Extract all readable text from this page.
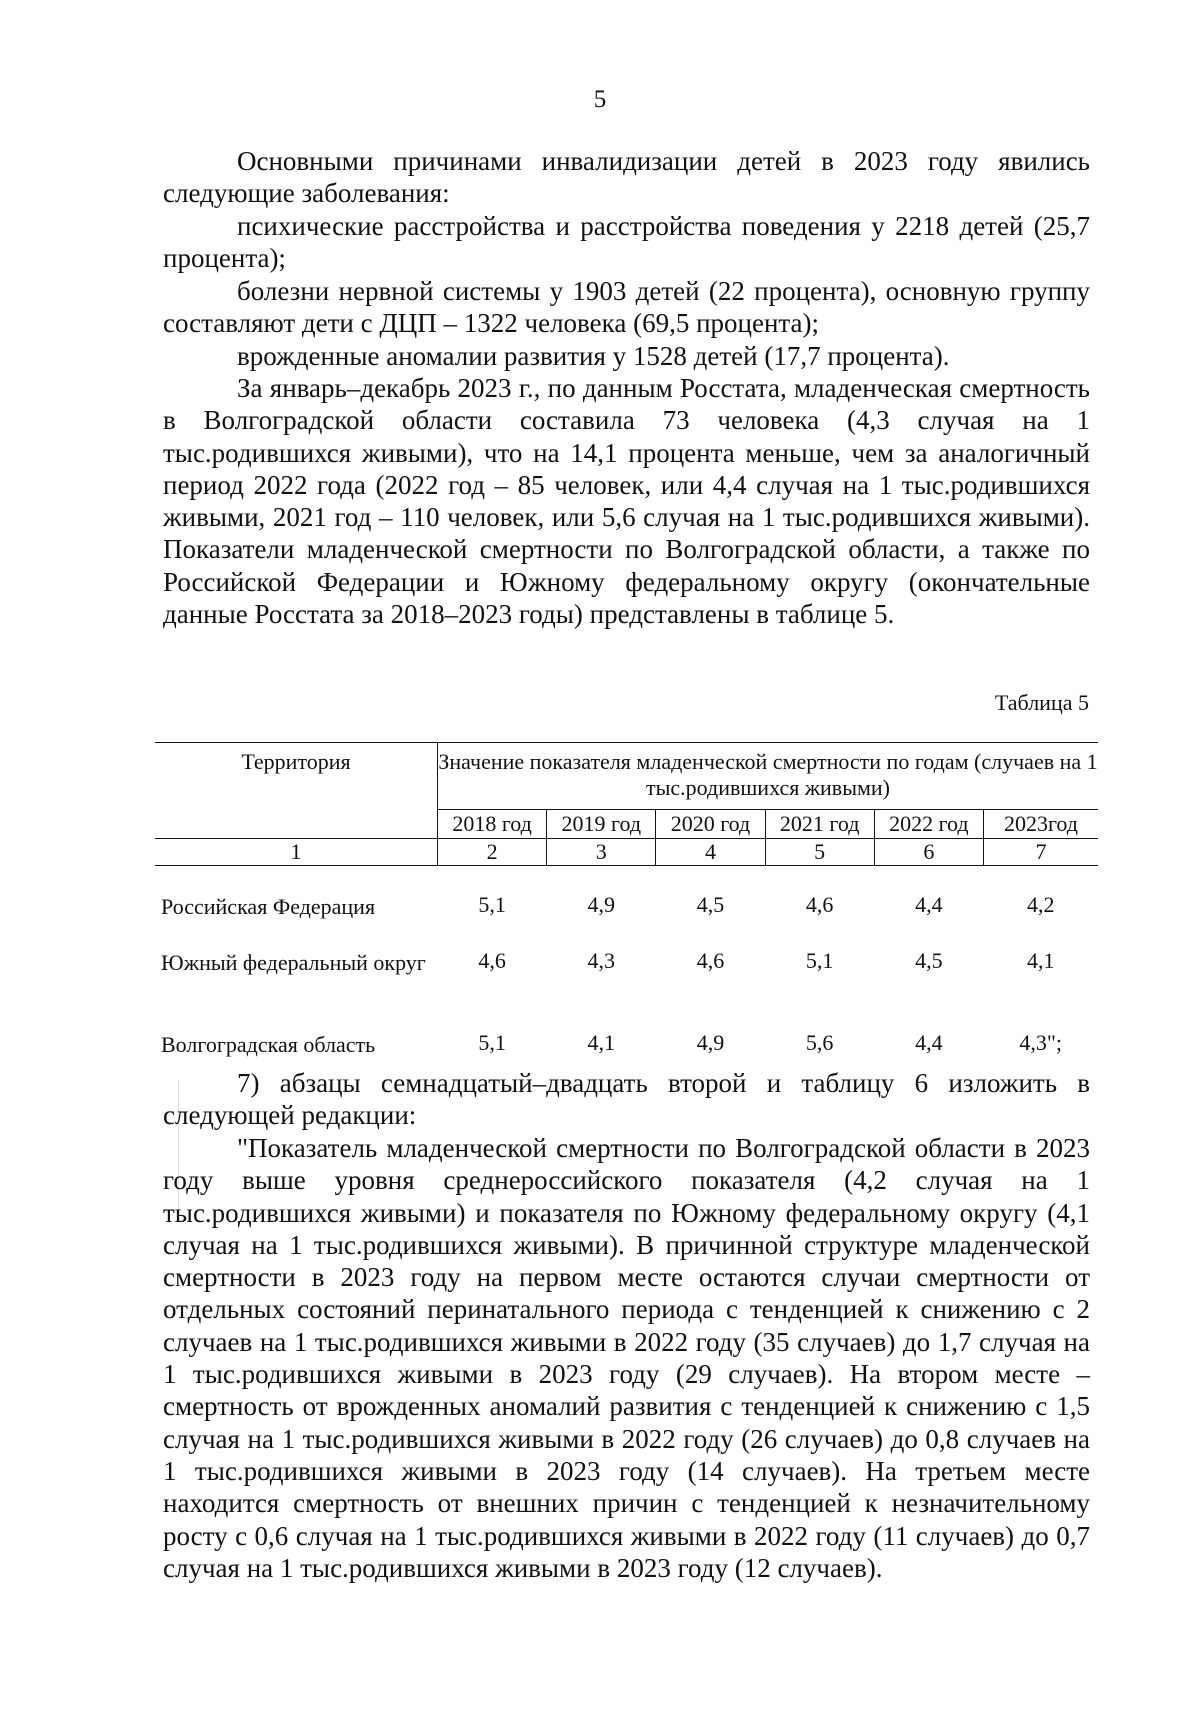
5

Основными причинами инвалидизации детей в 2023 году явились следующие заболевания:

психические расстройства и расстройства поведения у 2218 детей (25,7 процента);

болезни нервной системы у 1903 детей (22 процента), основную группу составляют дети с ДЦП – 1322 человека (69,5 процента);

врожденные аномалии развития у 1528 детей (17,7 процента).

За январь–декабрь 2023 г., по данным Росстата, младенческая смертность в Волгоградской области составила 73 человека (4,3 случая на 1 тыс.родившихся живыми), что на 14,1 процента меньше, чем за аналогичный период 2022 года (2022 год – 85 человек, или 4,4 случая на 1 тыс.родившихся живыми, 2021 год – 110 человек, или 5,6 случая на 1 тыс.родившихся живыми). Показатели младенческой смертности по Волгоградской области, а также по Российской Федерации и Южному федеральному округу (окончательные данные Росстата за 2018–2023 годы) представлены в таблице 5.

Таблица 5
Территория	Значение показателя младенческой смертности по годам (случаев на 1 тыс.родившихся живыми)					
	2018 год	2019 год	2020 год	2021 год	2022 год	2023год
1	2	3	4	5	6	7
Российская Федерация	5,1	4,9	4,5	4,6	4,4	4,2
Южный федеральный округ	4,6	4,3	4,6	5,1	4,5	4,1
Волгоградская область	5,1	4,1	4,9	5,6	4,4	4,3";

7) абзацы семнадцатый–двадцать второй и таблицу 6 изложить в следующей редакции:

"Показатель младенческой смертности по Волгоградской области в 2023 году выше уровня среднероссийского показателя (4,2 случая на 1 тыс.родившихся живыми) и показателя по Южному федеральному округу (4,1 случая на 1 тыс.родившихся живыми). В причинной структуре младенческой смертности в 2023 году на первом месте остаются случаи смертности от отдельных состояний перинатального периода с тенденцией к снижению с 2 случаев на 1 тыс.родившихся живыми в 2022 году (35 случаев) до 1,7 случая на 1 тыс.родившихся живыми в 2023 году (29 случаев). На втором месте – смертность от врожденных аномалий развития с тенденцией к снижению с 1,5 случая на 1 тыс.родившихся живыми в 2022 году (26 случаев) до 0,8 случаев на 1 тыс.родившихся живыми в 2023 году (14 случаев). На третьем месте находится смертность от внешних причин с тенденцией к незначительному росту с 0,6 случая на 1 тыс.родившихся живыми в 2022 году (11 случаев) до 0,7 случая на 1 тыс.родившихся живыми в 2023 году (12 случаев).
